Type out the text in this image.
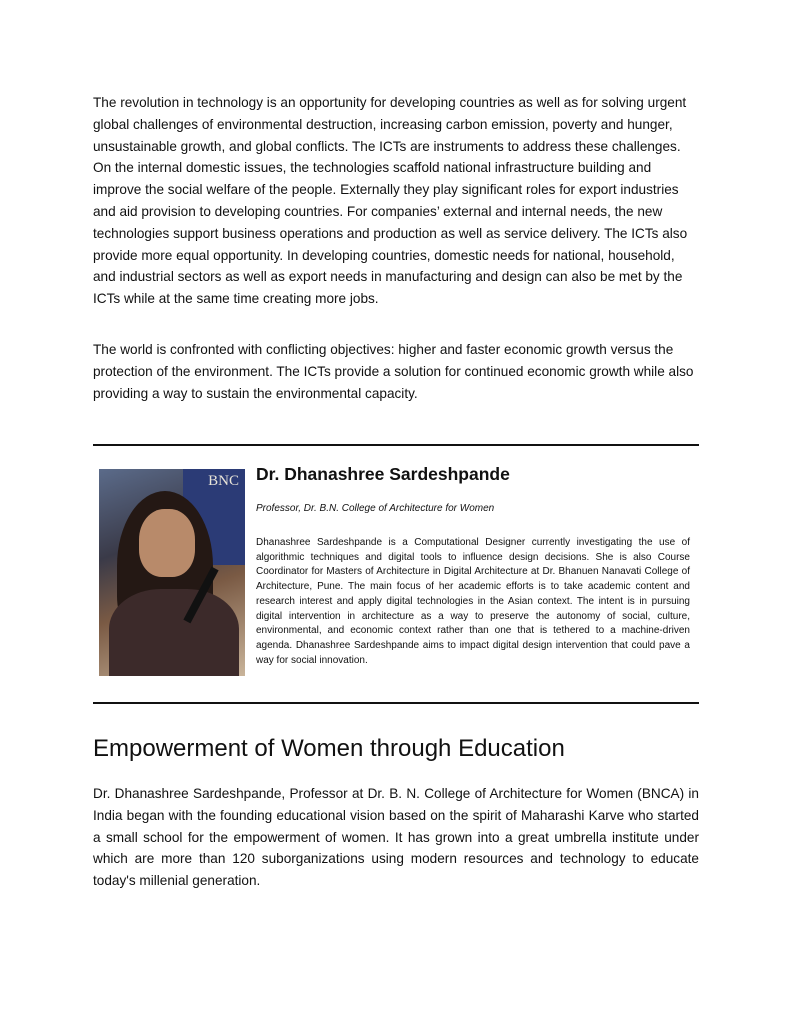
The revolution in technology is an opportunity for developing countries as well as for solving urgent global challenges of environmental destruction, increasing carbon emission, poverty and hunger, unsustainable growth, and global conflicts. The ICTs are instruments to address these challenges. On the internal domestic issues, the technologies scaffold national infrastructure building and improve the social welfare of the people. Externally they play significant roles for export industries and aid provision to developing countries. For companies’ external and internal needs, the new technologies support business operations and production as well as service delivery. The ICTs also provide more equal opportunity. In developing countries, domestic needs for national, household, and industrial sectors as well as export needs in manufacturing and design can also be met by the ICTs while at the same time creating more jobs.

The world is confronted with conflicting objectives: higher and faster economic growth versus the protection of the environment. The ICTs provide a solution for continued economic growth while also providing a way to sustain the environmental capacity.

BNC Dr. Dhanashree Sardeshpande

Professor, Dr. B.N. College of Architecture for Women

Dhanashree Sardeshpande is a Computational Designer currently investigating the use of algorithmic techniques and digital tools to influence design decisions. She is also Course Coordinator for Masters of Architecture in Digital Architecture at Dr. Bhanuen Nanavati College of Architecture, Pune. The main focus of her academic efforts is to take academic content and research interest and apply digital technologies in the Asian context. The intent is in pursuing digital intervention in architecture as a way to preserve the autonomy of social, culture, environmental, and economic context rather than one that is tethered to a machine-driven agenda. Dhanashree Sardeshpande aims to impact digital design intervention that could pave a way for social innovation.

Empowerment of Women through Education

Dr. Dhanashree Sardeshpande, Professor at Dr. B. N. College of Architecture for Women (BNCA) in India began with the founding educational vision based on the spirit of Maharashi Karve who started a small school for the empowerment of women. It has grown into a great umbrella institute under which are more than 120 suborganizations using modern resources and technology to educate today's millenial generation.
